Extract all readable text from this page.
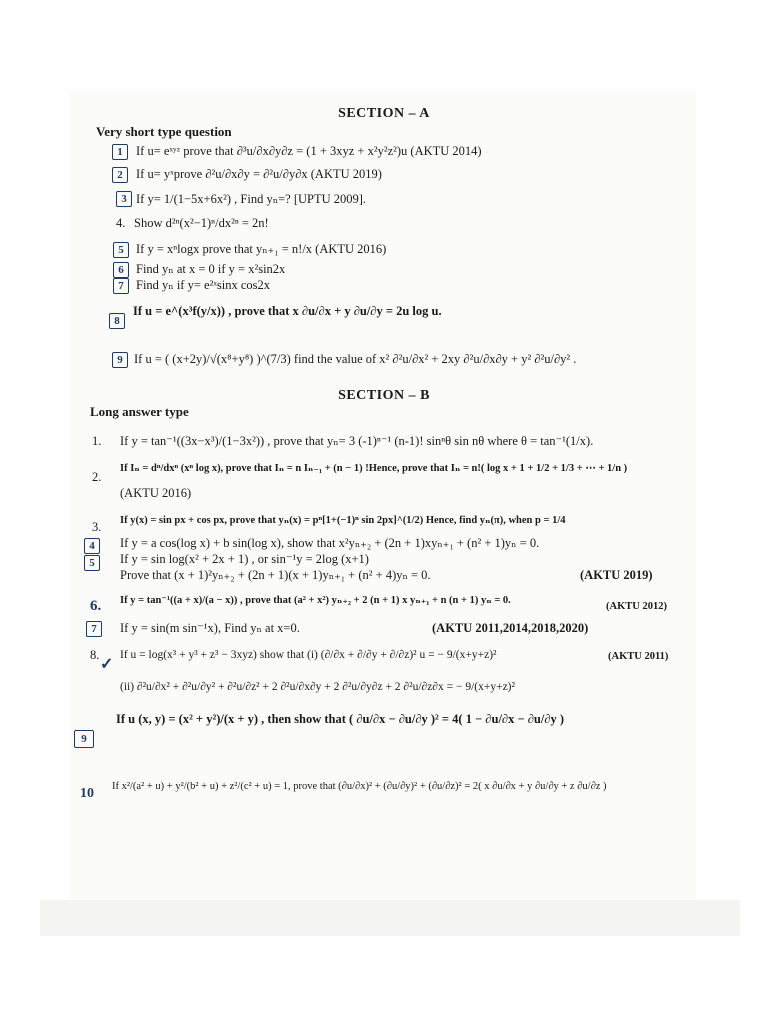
SECTION – A
Very short type question
1	If u= eˣʸᶻ prove that ∂³u/∂x∂y∂z = (1 + 3xyz + x²y²z²)u (AKTU 2014)
2	If u= yˣprove ∂²u/∂x∂y = ∂²u/∂y∂x (AKTU 2019)
3 If y= 1/(1−5x+6x²) , Find yₙ=? [UPTU 2009].
4. Show d²ⁿ(x²−1)ⁿ/dx²ⁿ = 2n!
5 If y = xⁿlogx prove that yₙ₊₁ = n!/x (AKTU 2016)
6 Find yₙ at x = 0 if y = x²sin2x
7 Find yₙ if y= e²ˣsinx cos2x
8
If u = e^(x³f(y/x)) , prove that x ∂u/∂x + y ∂u/∂y = 2u log u.
9 If u = ( (x+2y)/√(x⁸+y⁸) )^(7/3) find the value of x² ∂²u/∂x² + 2xy ∂²u/∂x∂y + y² ∂²u/∂y² .
SECTION – B
Long answer type
1. If y = tan⁻¹((3x−x³)/(1−3x²)) , prove that yₙ= 3 (-1)ⁿ⁻¹ (n-1)! sinⁿθ sin nθ where θ = tan⁻¹(1/x).
2.
If Iₙ = dⁿ/dxⁿ (xⁿ log x), prove that Iₙ = n Iₙ₋₁ + (n − 1) !Hence, prove that Iₙ = n!( log x + 1 + 1/2 + 1/3 + ⋯ + 1/n )
(AKTU 2016)
3. If y(x) = sin px + cos px, prove that yₙ(x) = pⁿ[1+(−1)ⁿ sin 2px]^(1/2) Hence, find yₙ(π), when p = 1/4
4	If y = a cos(log x) + b sin(log x), show that x²yₙ₊₂ + (2n + 1)xyₙ₊₁ + (n² + 1)yₙ = 0.
5	If y = sin log(x² + 2x + 1) , or sin⁻¹y = 2log (x+1)
Prove that (x + 1)²yₙ₊₂ + (2n + 1)(x + 1)yₙ₊₁ + (n² + 4)yₙ = 0.	(AKTU 2019)
6. If y = tan⁻¹((a + x)/(a − x)) , prove that (a² + x²) yₙ₊₂ + 2 (n + 1) x yₙ₊₁ + n (n + 1) yₙ = 0.
(AKTU 2012)
7	If y = sin(m sin⁻¹x), Find yₙ at x=0.	(AKTU 2011,2014,2018,2020)
8.
✓
If u = log(x³ + y³ + z³ − 3xyz) show that (i) (∂/∂x + ∂/∂y + ∂/∂z)² u = − 9/(x+y+z)²	(AKTU 2011)
(ii) ∂²u/∂x² + ∂²u/∂y² + ∂²u/∂z² + 2 ∂²u/∂x∂y + 2 ∂²u/∂y∂z + 2 ∂²u/∂z∂x = − 9/(x+y+z)²
9
If u (x, y) = (x² + y²)/(x + y) , then show that ( ∂u/∂x − ∂u/∂y )² = 4( 1 − ∂u/∂x − ∂u/∂y )
10 If x²/(a² + u) + y²/(b² + u) + z²/(c² + u) = 1, prove that (∂u/∂x)² + (∂u/∂y)² + (∂u/∂z)² = 2( x ∂u/∂x + y ∂u/∂y + z ∂u/∂z )
